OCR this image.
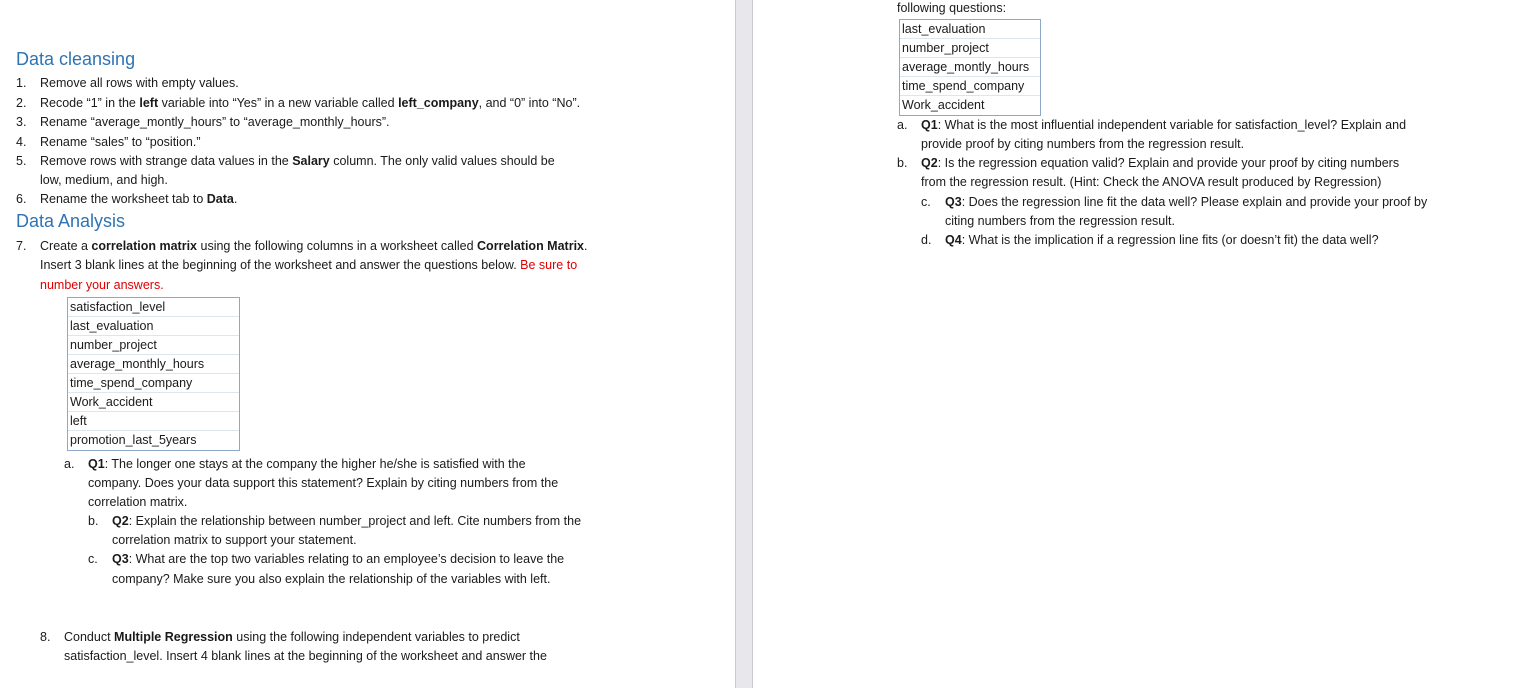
Data cleansing
1. Remove all rows with empty values.
2. Recode “1” in the left variable into “Yes” in a new variable called left_company, and “0” into “No”.
3. Rename “average_montly_hours” to “average_monthly_hours”.
4. Rename “sales” to “position.”
5. Remove rows with strange data values in the Salary column. The only valid values should be
low, medium, and high.
6. Rename the worksheet tab to Data.
Data Analysis
7. Create a correlation matrix using the following columns in a worksheet called Correlation Matrix.
Insert 3 blank lines at the beginning of the worksheet and answer the questions below. Be sure to
number your answers.
satisfaction_level
last_evaluation
number_project
average_monthly_hours
time_spend_company
Work_accident
left
promotion_last_5years
a. Q1: The longer one stays at the company the higher he/she is satisfied with the
company. Does your data support this statement? Explain by citing numbers from the
correlation matrix.
b. Q2: Explain the relationship between number_project and left. Cite numbers from the
correlation matrix to support your statement.
c. Q3: What are the top two variables relating to an employee’s decision to leave the
company? Make sure you also explain the relationship of the variables with left.
8. Conduct Multiple Regression using the following independent variables to predict
satisfaction_level. Insert 4 blank lines at the beginning of the worksheet and answer the
following questions:
last_evaluation
number_project
average_montly_hours
time_spend_company
Work_accident
a. Q1: What is the most influential independent variable for satisfaction_level? Explain and
provide proof by citing numbers from the regression result.
b. Q2: Is the regression equation valid? Explain and provide your proof by citing numbers
from the regression result. (Hint: Check the ANOVA result produced by Regression)
c. Q3: Does the regression line fit the data well? Please explain and provide your proof by
citing numbers from the regression result.
d. Q4: What is the implication if a regression line fits (or doesn’t fit) the data well?
